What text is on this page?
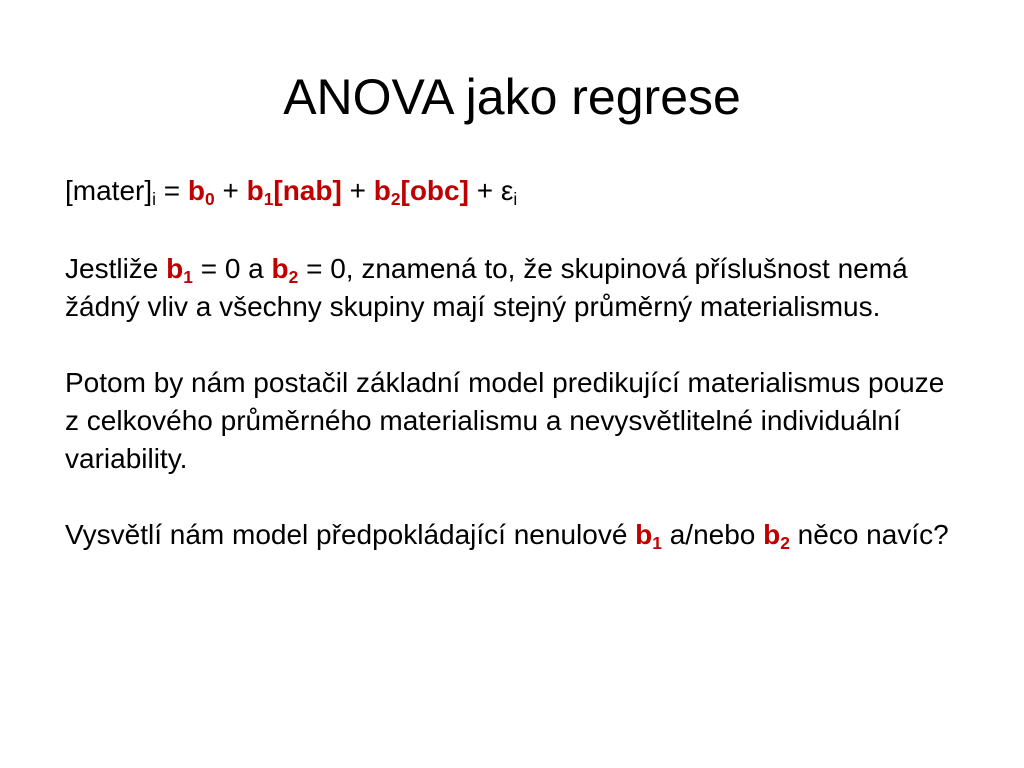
ANOVA jako regrese

$[mater]_i = b_0 + b_1[nab] + b_2[obc] + \varepsilon_i$

Jestliže $b_1 = 0$ a $b_2 = 0$, znamená to, že skupinová příslušnost nemá žádný vliv a všechny skupiny mají stejný průměrný materialismus.

Potom by nám postačil základní model predikující materialismus pouze z celkového průměrného materialismu a nevysvětlitelné individuální variability.

Vysvětlí nám model předpokládající nenulové $b_1$ a/nebo $b_2$ něco navíc?
